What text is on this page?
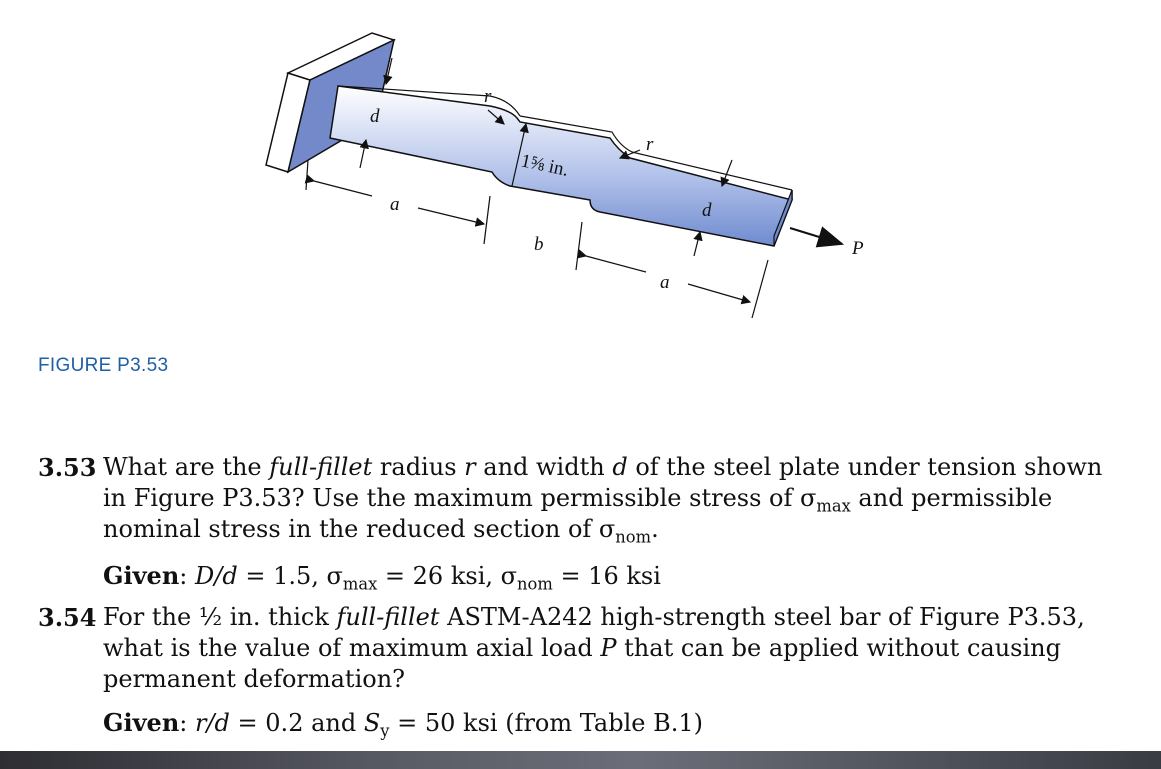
d
r
1⅝ in.
r
d
a
b
a
P
FIGURE P3.53
3.53 What are the full-fillet radius r and width d of the steel plate under tension shown in Figure P3.53? Use the maximum permissible stress of $\sigma_{max}$ and permissible nominal stress in the reduced section of $\sigma_{nom}$.
Given: D/d = 1.5, $\sigma_{max} = 26$ ksi, $\sigma_{nom} = 16$ ksi
3.54 For the ½ in. thick full-fillet ASTM-A242 high-strength steel bar of Figure P3.53, what is the value of maximum axial load P that can be applied without causing permanent deformation?
Given: r/d = 0.2 and $S_y = 50$ ksi (from Table B.1)
